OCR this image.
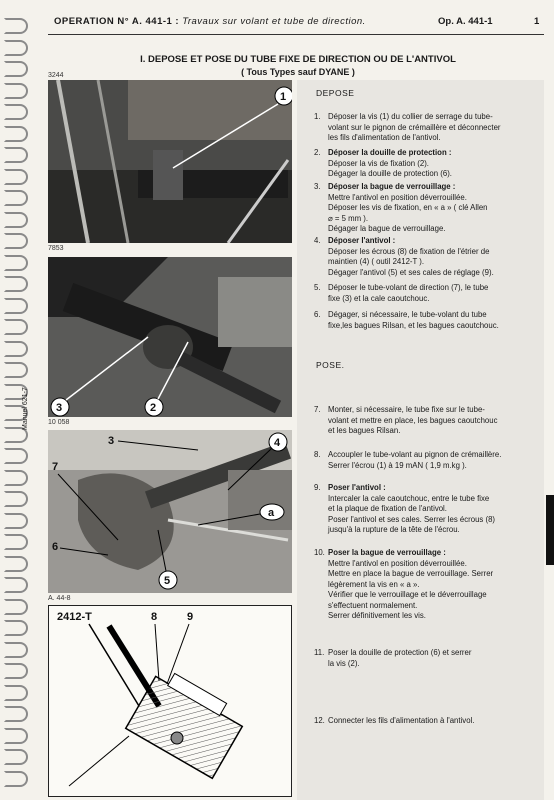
OPERATION N° A. 441-1 : Travaux sur volant et tube de direction.	Op. A. 441-1	1
I. DEPOSE ET POSE DU TUBE FIXE DE DIRECTION OU DE L'ANTIVOL
( Tous Types sauf DYANE )
Manuel 621-7
3244
1
7853
3	2
10 058
3	4
7
a
6
5
A. 44-8
2412-T	8	9
DEPOSE
POSE.
1. Déposer la vis (1) du collier de serrage du tube-
volant sur le pignon de crémaillère et déconnecter
les fils d'alimentation de l'antivol.
2. Déposer la douille de protection :
Déposer la vis de fixation (2).
Dégager la douille de protection (6).
3. Déposer la bague de verrouillage :
Mettre l'antivol en position déverrouillée.
Déposer les vis de fixation, en « a » ( clé Allen
⌀ = 5 mm ).
Dégager la bague de verrouillage.
4. Déposer l'antivol :
Déposer les écrous (8) de fixation de l'étrier de
maintien (4) ( outil 2412-T ).
Dégager l'antivol (5) et ses cales de réglage (9).
5. Déposer le tube-volant de direction (7), le tube
fixe (3) et la cale caoutchouc.
6. Dégager, si nécessaire, le tube-volant du tube
fixe,les bagues Rilsan, et les bagues caoutchouc.
7. Monter, si nécessaire, le tube fixe sur le tube-
volant et mettre en place, les bagues caoutchouc
et les bagues Rilsan.
8. Accoupler le tube-volant au pignon de crémaillère.
Serrer l'écrou (1) à 19 mAN ( 1,9 m.kg ).
9. Poser l'antivol :
Intercaler la cale caoutchouc, entre le tube fixe
et la plaque de fixation de l'antivol.
Poser l'antivol et ses cales. Serrer les écrous (8)
jusqu'à la rupture de la tête de l'écrou.
10. Poser la bague de verrouillage :
Mettre l'antivol en position déverrouillée.
Mettre en place la bague de verrouillage. Serrer
légèrement la vis en « a ».
Vérifier que le verrouillage et le déverrouillage
s'effectuent normalement.
Serrer définitivement les vis.
11. Poser la douille de protection (6) et serrer
la vis (2).
12. Connecter les fils d'alimentation à l'antivol.
